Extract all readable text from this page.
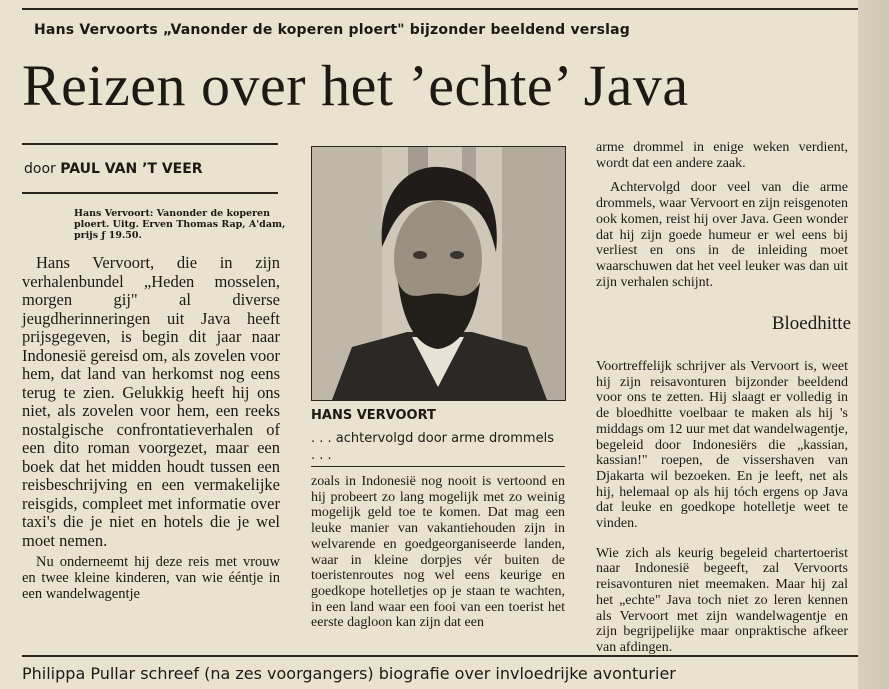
Hans Vervoorts „Vanonder de koperen ploert" bijzonder beeldend verslag
Reizen over het ’echte’ Java
door PAUL VAN ’T VEER
Hans Vervoort: Vanonder de koperen ploert. Uitg. Erven Thomas Rap, A'dam, prijs ƒ 19.50.

Hans Vervoort, die in zijn verhalenbundel „Heden mosselen, morgen gij" al diverse jeugdherinneringen uit Java heeft prijsgegeven, is begin dit jaar naar Indonesië gereisd om, als zovelen voor hem, dat land van herkomst nog eens terug te zien. Gelukkig heeft hij ons niet, als zovelen voor hem, een reeks nostalgische confrontatieverhalen of een dito roman voorgezet, maar een boek dat het midden houdt tussen een reisbeschrijving en een vermakelijke reisgids, compleet met informatie over taxi's die je niet en hotels die je wel moet nemen.

Nu onderneemt hij deze reis met vrouw en twee kleine kinderen, van wie ééntje in een wandelwagentje

HANS VERVOORT
. . . achtervolgd door arme drommels . . .

zoals in Indonesië nog nooit is vertoond en hij probeert zo lang mogelijk met zo weinig mogelijk geld toe te komen. Dat mag een leuke manier van vakantiehouden zijn in welvarende en goedgeorganiseerde landen, waar in kleine dorpjes vér buiten de toeristenroutes nog wel eens keurige en goedkope hotelletjes op je staan te wachten, in een land waar een fooi van een toerist het eerste dagloon kan zijn dat een

arme drommel in enige weken verdient, wordt dat een andere zaak.

Achtervolgd door veel van die arme drommels, waar Vervoort en zijn reisgenoten ook komen, reist hij over Java. Geen wonder dat hij zijn goede humeur er wel eens bij verliest en ons in de inleiding moet waarschuwen dat het veel leuker was dan uit zijn verhalen schijnt.

Bloedhitte

Voortreffelijk schrijver als Vervoort is, weet hij zijn reisavonturen bijzonder beeldend voor ons te zetten. Hij slaagt er volledig in de bloedhitte voelbaar te maken als hij 's middags om 12 uur met dat wandelwagentje, begeleid door Indonesiërs die „kassian, kassian!" roepen, de vissershaven van Djakarta wil bezoeken. En je leeft, net als hij, helemaal op als hij tóch ergens op Java dat leuke en goedkope hotelletje weet te vinden.

Wie zich als keurig begeleid chartertoerist naar Indonesië begeeft, zal Vervoorts reisavonturen niet meemaken. Maar hij zal het „echte" Java toch niet zo leren kennen als Vervoort met zijn wandelwagentje en zijn begrijpelijke maar onpraktische afkeer van afdingen.

Philippa Pullar schreef (na zes voorgangers) biografie over invloedrijke avonturier
